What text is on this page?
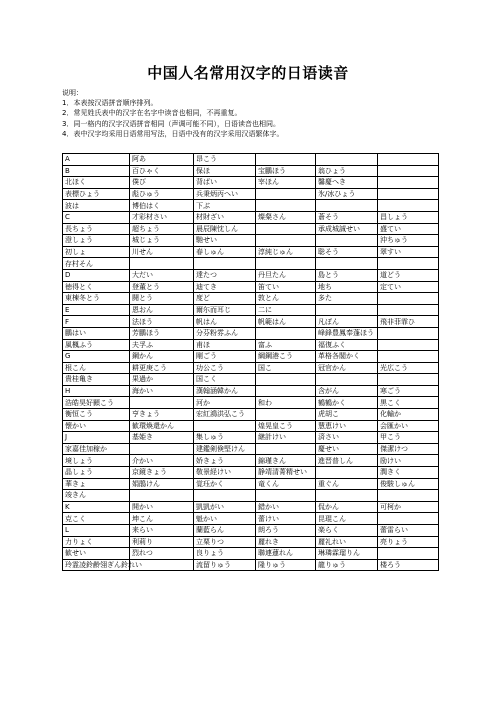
中国人名常用汉字的日语读音
说明：
1．本表按汉语拼音顺序排列。
2．常见姓氏表中的汉字在名字中读音也相同，不再重复。
3．同一格内的汉字汉语拼音相同（声调可能不同），日语读音也相同。
4．表中汉字均采用日语常用写法，日语中没有的汉字采用汉语繁体字。
A	阿あ	昂こう			
B	百ひゃく	保ほ	宝鵬ほう	翁ひょう	
北ほく	僕び	背ばい	宰ほん	馨慶へき	
表標ひょう	彪ひゅう	兵秉炳丙へい		氷/冰ひょう	
波は	博伯はく	下ぶ			
C	才彩材さい	材財ざい	燦粲さん	蒼そう	昌しょう
長ちょう	超ちょう	晨辰陳忱しん		承成城誠せい	盛てい
澄しょう	城じょう	馳せい			沖ちゅう
初しょ	川せん	春しゅん	淳純じゅん	聡そう	翠すい
存村そん					
D	大だい	達たつ	丹旦たん	島とう	道どう
徳得とく	登董とう	迪てき	笛てい	地ち	定てい
東棟冬とう	闘とう	度ど	敦とん	多た	
E	恩おん	爾尓而耳じ	二に		
F	法ほう	帆はん	帆範はん	凡ぼん	飛非菲霏ひ
鵬はい	芳鵬ほう	分芬粉雰ふん		峰鋒豊鳳奉蓬ほう	
風楓ふう	夫孚ふ	甫ほ	富ふ	福復ふく	
G	鋼かん	剛ごう	綱鋼港こう	革格各閣かく	
根こん	耕更庚こう	功公こう	国こ	冠官かん	光広こう
貴桂亀き	果過か	国こく			
H	海かい	漢翰涵韓かん		含がん	寒ごう
浩皓昊好顥こう		河か	和わ	鶴鶴かく	黒こく
衡恒こう	亨きょう	宏紅鴻洪弘こう		虎胡こ	化輸か
懐かい	歓環煥還かん		煌晃皇こう	慧恵けい	会匯かい
J	基姫き	集しゅう	継計けい	済さい	甲こう
家嘉佳加稼か		建鑑剣倹堅けん		慶せい	傑潔けつ
境しょう	介かい	娇きょう	錦瑾きん	進晋普しん	励けい
晶しょう	京鏡きょう	敬景経けい	静靖清菁精せい		潤きく
華きょ	娟鵑けん	覚珏かく	竜くん	重ぐん	俊駿しゅん
竣きん					
K	開かい	凱凱がい	錯かい	侃かん	可柯か
克こく	坤こん	魁かい	蕾けい	昆琨こん	
L	来らい	蘭藍らん	朗ろう	楽らく	蕾雷らい
力りょく	利莉り	立栗りつ	麗れき	麗礼れい	亮りょう
歓せい	烈れつ	良りょう	聯連蓮れん	琳璘霖瑠りん	
玲霊凌鈴齢翎ぎん鈴れい		流留りゅう	隆りゅう	龍りゅう	楼ろう
